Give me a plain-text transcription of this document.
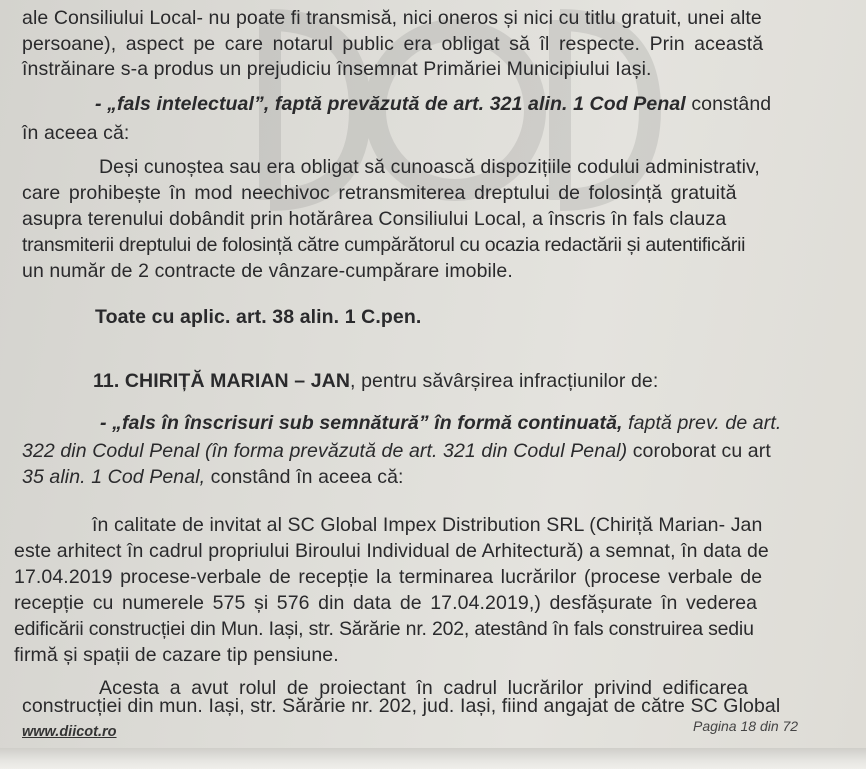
ale Consiliului Local- nu poate fi transmisă, nici oneros și nici cu titlu gratuit, unei alte
persoane), aspect pe care notarul public era obligat să îl respecte. Prin această
înstrăinare s-a produs un prejudiciu însemnat Primăriei Municipiului Iași.
- „fals intelectual”, faptă prevăzută de art. 321 alin. 1 Cod Penal constând
în aceea că:
Deși cunoștea sau era obligat să cunoască dispozițiile codului administrativ,
care prohibește în mod neechivoc retransmiterea dreptului de folosință gratuită
asupra terenului dobândit prin hotărârea Consiliului Local, a înscris în fals clauza
transmiterii dreptului de folosință către cumpărătorul cu ocazia redactării și autentificării
un număr de 2 contracte de vânzare-cumpărare imobile.
Toate cu aplic. art. 38 alin. 1 C.pen.
11. CHIRIȚĂ MARIAN – JAN, pentru săvârșirea infracțiunilor de:
- „fals în înscrisuri sub semnătură” în formă continuată, faptă prev. de art.
322 din Codul Penal (în forma prevăzută de art. 321 din Codul Penal) coroborat cu art
35 alin. 1 Cod Penal, constând în aceea că:
în calitate de invitat al SC Global Impex Distribution SRL (Chiriță Marian- Jan
este arhitect în cadrul propriului Biroului Individual de Arhitectură) a semnat, în data de
17.04.2019 procese-verbale de recepție la terminarea lucrărilor (procese verbale de
recepție cu numerele 575 și 576 din data de 17.04.2019,) desfășurate în vederea
edificării construcției din Mun. Iași, str. Sărărie nr. 202, atestând în fals construirea sediu
firmă și spații de cazare tip pensiune.
Acesta a avut rolul de proiectant în cadrul lucrărilor privind edificarea
construcției din mun. Iași, str. Sărărie nr. 202, jud. Iași, fiind angajat de către SC Global
www.diicot.ro	Pagina 18 din 72
